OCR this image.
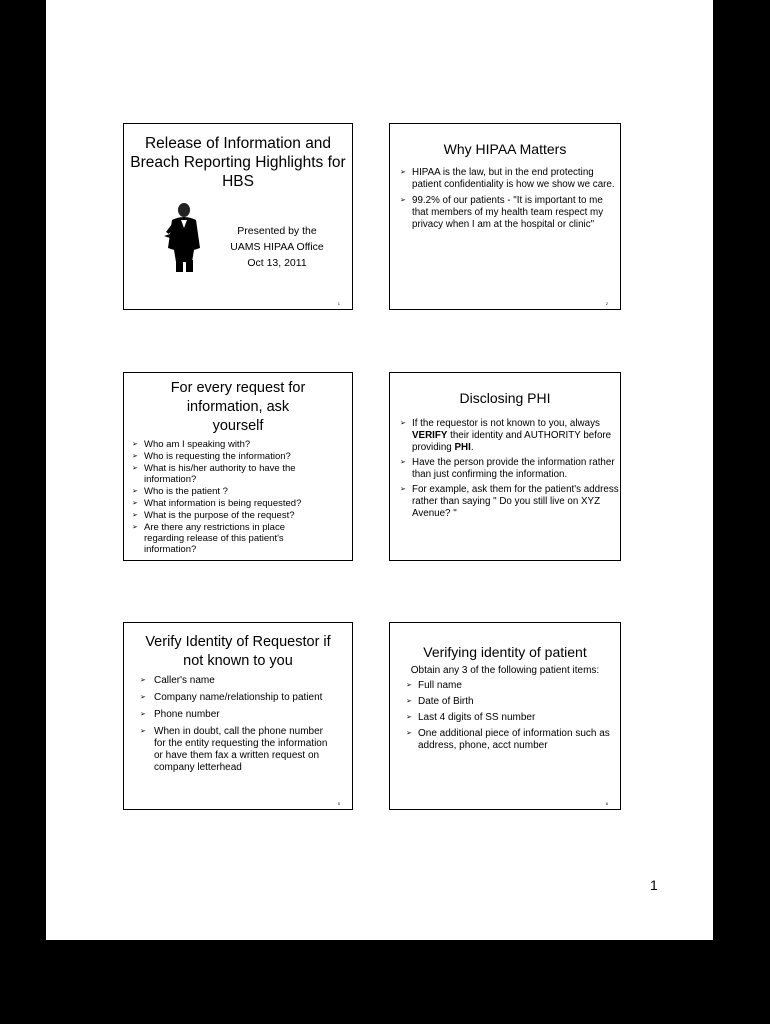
Release of Information and Breach Reporting Highlights for HBS
Presented by the
UAMS HIPAA Office
Oct 13, 2011
1
Why HIPAA Matters
➢ HIPAA is the law, but in the end protecting patient confidentiality is how we show we care.
➢ 99.2% of our patients - "It is important to me that members of my health team respect my privacy when I am at the hospital or clinic"
2
For every request for information, ask yourself
➢ Who am I speaking with?
➢ Who is requesting the information?
➢ What is his/her authority to have the information?
➢ Who is the patient ?
➢ What information is being requested?
➢ What is the purpose of the request?
➢ Are there any restrictions in place regarding release of this patient's information?
Disclosing PHI
➢ If the requestor is not known to you, always VERIFY their identity and AUTHORITY before providing PHI.
➢ Have the person provide the information rather than just confirming the information.
➢ For example, ask them for the patient's address rather than saying " Do you still live on XYZ Avenue? "
Verify Identity of Requestor if not known to you
➢ Caller's name
➢ Company name/relationship to patient
➢ Phone number
➢ When in doubt, call the phone number for the entity requesting the information or have them fax a written request on company letterhead
5
Verifying identity of patient
Obtain any 3 of the following patient items:
➢ Full name
➢ Date of Birth
➢ Last 4 digits of SS number
➢ One additional piece of information such as address, phone, acct number
6
1
